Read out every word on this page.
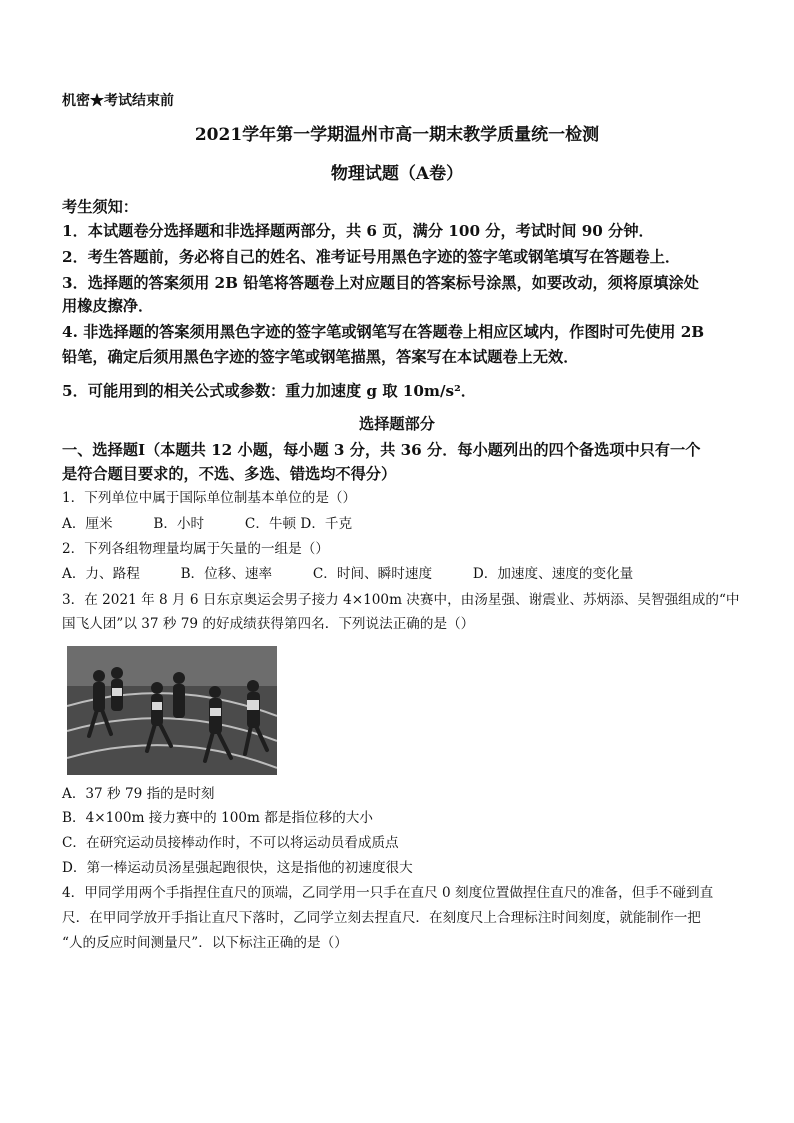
机密★考试结束前
2021学年第一学期温州市高一期末教学质量统一检测
物理试题（A卷）
考生须知：
1．本试题卷分选择题和非选择题两部分，共 6 页，满分 100 分，考试时间 90 分钟．
2．考生答题前，务必将自己的姓名、准考证号用黑色字迹的签字笔或钢笔填写在答题卷上．
3．选择题的答案须用 2B 铅笔将答题卷上对应题目的答案标号涂黑，如要改动，须将原填涂处
用橡皮擦净．
4. 非选择题的答案须用黑色字迹的签字笔或钢笔写在答题卷上相应区域内，作图时可先使用 2B
铅笔，确定后须用黑色字迹的签字笔或钢笔描黑，答案写在本试题卷上无效．
5．可能用到的相关公式或参数：重力加速度 g 取 10m/s²．
选择题部分
一、选择题Ⅰ（本题共 12 小题，每小题 3 分，共 36 分．每小题列出的四个备选项中只有一个
是符合题目要求的，不选、多选、错选均不得分）
1．下列单位中属于国际单位制基本单位的是（）
A．厘米　　　B．小时　　　C．牛顿 D．千克
2．下列各组物理量均属于矢量的一组是（）
A．力、路程　　　B．位移、速率　　　C．时间、瞬时速度　　　D．加速度、速度的变化量
3．在 2021 年 8 月 6 日东京奥运会男子接力 4×100m 决赛中，由汤星强、谢震业、苏炳添、吴智强组成的“中
国飞人团”以 37 秒 79 的好成绩获得第四名．下列说法正确的是（）
A．37 秒 79 指的是时刻
B．4×100m 接力赛中的 100m 都是指位移的大小
C．在研究运动员接棒动作时，不可以将运动员看成质点
D．第一棒运动员汤星强起跑很快，这是指他的初速度很大
4．甲同学用两个手指捏住直尺的顶端，乙同学用一只手在直尺 0 刻度位置做捏住直尺的准备，但手不碰到直
尺．在甲同学放开手指让直尺下落时，乙同学立刻去捏直尺．在刻度尺上合理标注时间刻度，就能制作一把
“人的反应时间测量尺”．以下标注正确的是（）
